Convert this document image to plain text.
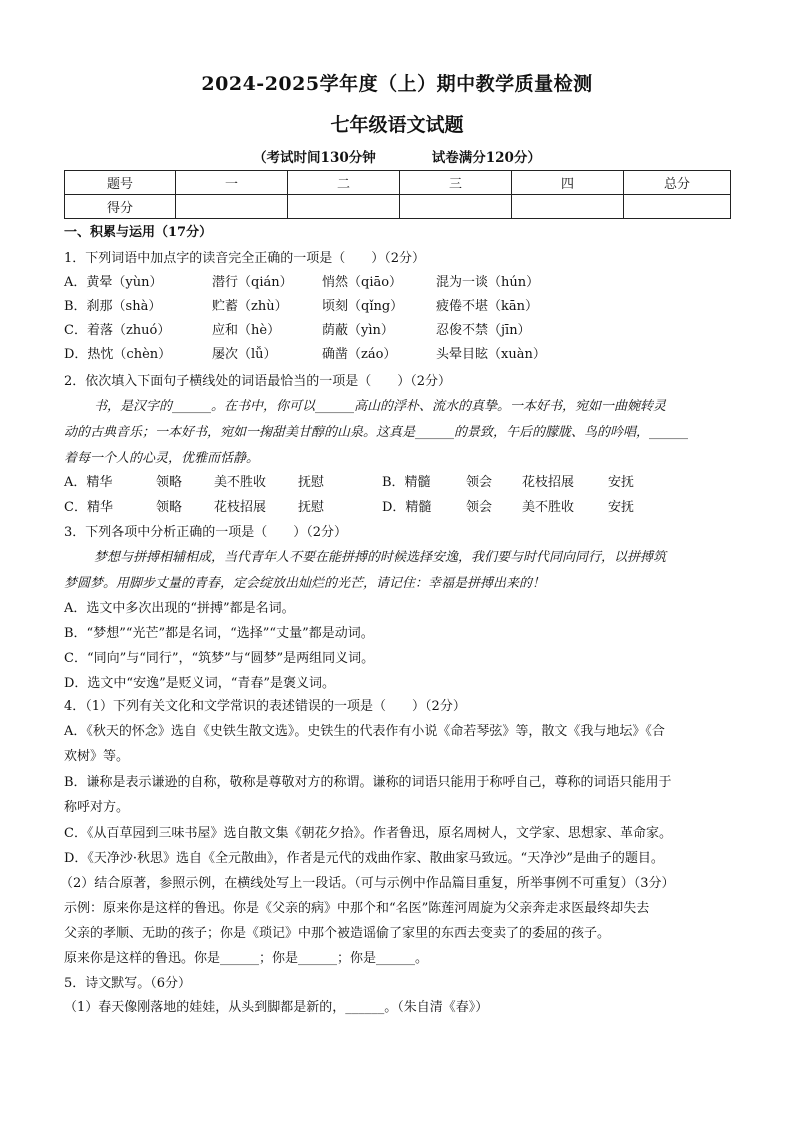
2024-2025学年度（上）期中教学质量检测
七年级语文试题
（考试时间130分钟	试卷满分120分）
题号	一	二	三	四	总分
得分					
一、积累与运用（17分）
1．下列词语中加点字的读音完全正确的一项是（　　）（2分）
A．黄晕（yùn）	潜行（qián） 悄然（qiāo）	混为一谈（hún）
B．刹那（shà）	贮蓄（zhù）	顷刻（qǐng）	疲倦不堪（kān）
C．着落（zhuó）	应和（hè）	荫蔽（yìn）	忍俊不禁（jīn）
D．热忱（chèn）	屡次（lǚ）	确凿（záo）	头晕目眩（xuàn）
2．依次填入下面句子横线处的词语最恰当的一项是（　　）（2分）
书，是汉字的______。在书中，你可以______高山的浮朴、流水的真挚。一本好书，宛如一曲婉转灵
动的古典音乐；一本好书，宛如一掬甜美甘醇的山泉。这真是______的景致，午后的朦胧、鸟的吟唱，______
着每一个人的心灵，优雅而恬静。
A．精华	领略 美不胜收 抚慰	B．精髓	领会 花枝招展	安抚
C．精华	领略 花枝招展 抚慰	D．精髓	领会 美不胜收	安抚
3．下列各项中分析正确的一项是（　　）（2分）
梦想与拼搏相辅相成，当代青年人不要在能拼搏的时候选择安逸，我们要与时代同向同行，以拼搏筑
梦圆梦。用脚步丈量的青春，定会绽放出灿烂的光芒，请记住：幸福是拼搏出来的！
A．选文中多次出现的“拼搏”都是名词。
B．“梦想”“光芒”都是名词，“选择”“丈量”都是动词。
C．“同向”与“同行”，“筑梦”与“圆梦”是两组同义词。
D．选文中“安逸”是贬义词，“青春”是褒义词。
4．（1）下列有关文化和文学常识的表述错误的一项是（　　）（2分）
A．《秋天的怀念》选自《史铁生散文选》。史铁生的代表作有小说《命若琴弦》等，散文《我与地坛》《合
欢树》等。
B．谦称是表示谦逊的自称，敬称是尊敬对方的称谓。谦称的词语只能用于称呼自己，尊称的词语只能用于
称呼对方。
C．《从百草园到三味书屋》选自散文集《朝花夕拾》。作者鲁迅，原名周树人，文学家、思想家、革命家。
D．《天净沙·秋思》选自《全元散曲》，作者是元代的戏曲作家、散曲家马致远。“天净沙”是曲子的题目。
（2）结合原著，参照示例，在横线处写上一段话。（可与示例中作品篇目重复，所举事例不可重复）（3分）
示例：原来你是这样的鲁迅。你是《父亲的病》中那个和“名医”陈莲河周旋为父亲奔走求医最终却失去
父亲的孝顺、无助的孩子；你是《琐记》中那个被造谣偷了家里的东西去变卖了的委屈的孩子。
原来你是这样的鲁迅。你是______；你是______；你是______。
5．诗文默写。（6分）
（1）春天像刚落地的娃娃，从头到脚都是新的，______。（朱自清《春》）
